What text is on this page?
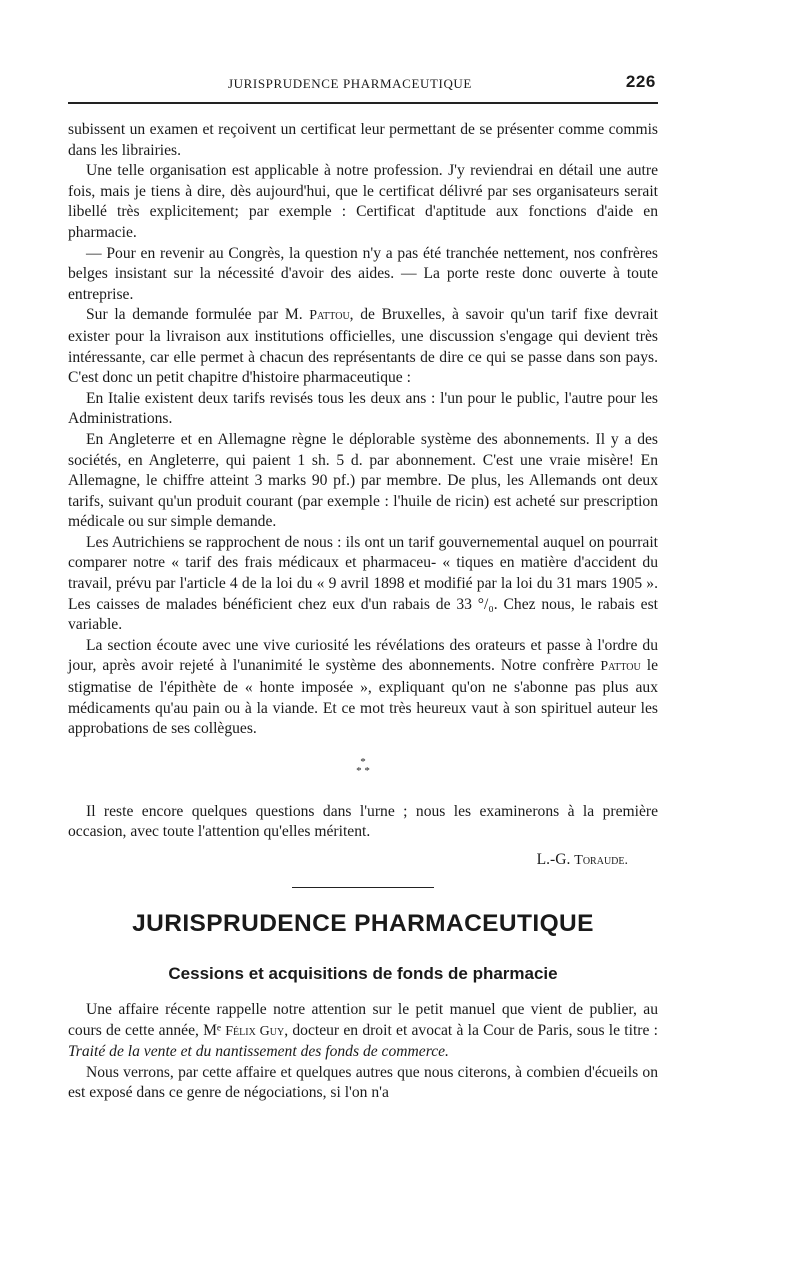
JURISPRUDENCE PHARMACEUTIQUE	226

subissent un examen et reçoivent un certificat leur permettant de se présenter comme commis dans les librairies.

Une telle organisation est applicable à notre profession. J'y reviendrai en détail une autre fois, mais je tiens à dire, dès aujourd'hui, que le certificat délivré par ses organisateurs serait libellé très explicitement; par exemple : Certificat d'aptitude aux fonctions d'aide en pharmacie.

— Pour en revenir au Congrès, la question n'y a pas été tranchée nettement, nos confrères belges insistant sur la nécessité d'avoir des aides. — La porte reste donc ouverte à toute entreprise.

Sur la demande formulée par M. Pattou, de Bruxelles, à savoir qu'un tarif fixe devrait exister pour la livraison aux institutions officielles, une discussion s'engage qui devient très intéressante, car elle permet à chacun des représentants de dire ce qui se passe dans son pays. C'est donc un petit chapitre d'histoire pharmaceutique :

En Italie existent deux tarifs revisés tous les deux ans : l'un pour le public, l'autre pour les Administrations.

En Angleterre et en Allemagne règne le déplorable système des abonnements. Il y a des sociétés, en Angleterre, qui paient 1 sh. 5 d. par abonnement. C'est une vraie misère! En Allemagne, le chiffre atteint 3 marks 90 pf.) par membre. De plus, les Allemands ont deux tarifs, suivant qu'un produit courant (par exemple : l'huile de ricin) est acheté sur prescription médicale ou sur simple demande.

Les Autrichiens se rapprochent de nous : ils ont un tarif gouvernemental auquel on pourrait comparer notre « tarif des frais médicaux et pharmaceu- « tiques en matière d'accident du travail, prévu par l'article 4 de la loi du « 9 avril 1898 et modifié par la loi du 31 mars 1905 ». Les caisses de malades bénéficient chez eux d'un rabais de 33 °/₀. Chez nous, le rabais est variable.

La section écoute avec une vive curiosité les révélations des orateurs et passe à l'ordre du jour, après avoir rejeté à l'unanimité le système des abonnements. Notre confrère Pattou le stigmatise de l'épithète de « honte imposée », expliquant qu'on ne s'abonne pas plus aux médicaments qu'au pain ou à la viande. Et ce mot très heureux vaut à son spirituel auteur les approbations de ses collègues.

*
* *

Il reste encore quelques questions dans l'urne ; nous les examinerons à la première occasion, avec toute l'attention qu'elles méritent.

L.-G. Toraude.
JURISPRUDENCE PHARMACEUTIQUE
Cessions et acquisitions de fonds de pharmacie

Une affaire récente rappelle notre attention sur le petit manuel que vient de publier, au cours de cette année, Mᵉ Félix Guy, docteur en droit et avocat à la Cour de Paris, sous le titre : Traité de la vente et du nantissement des fonds de commerce.

Nous verrons, par cette affaire et quelques autres que nous citerons, à combien d'écueils on est exposé dans ce genre de négociations, si l'on n'a
